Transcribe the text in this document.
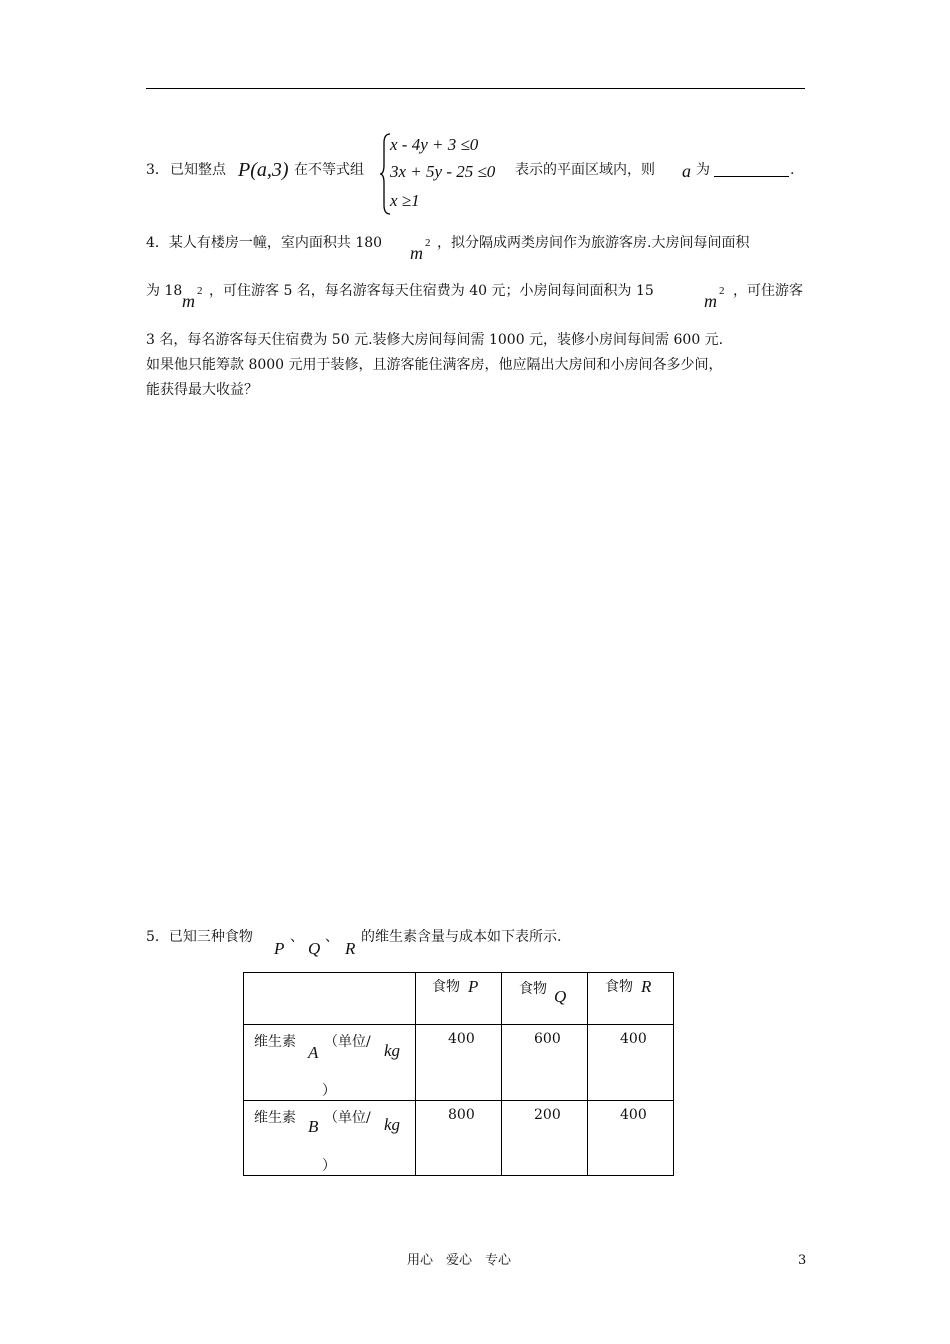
3． 已知整点 P(a,3) 在不等式组
x - 4y + 3 ≤0
3x + 5y - 25 ≤0
x ≥1
表示的平面区域内，则 a 为	.
4．某人有楼房一幢，室内面积共 180 m 2 ，拟分隔成两类房间作为旅游客房.大房间每间面积
为 18 m 2 ，可住游客 5 名，每名游客每天住宿费为 40 元；小房间每间面积为 15	m 2 ，可住游客
3 名，每名游客每天住宿费为 50 元.装修大房间每间需 1000 元，装修小房间每间需 600 元.
如果他只能筹款 8000 元用于装修，且游客能住满客房，他应隔出大房间和小房间各多少间，
能获得最大收益？
5．已知三种食物
P
、
Q
、
R
的维生素含量与成本如下表所示.

	食物 P	食物 Q	食物 R

维生素
A
（单位/ kg
）	400	600	400

维生素 B （单位/ kg
）	800	200	400
用心　爱心　专心	3
